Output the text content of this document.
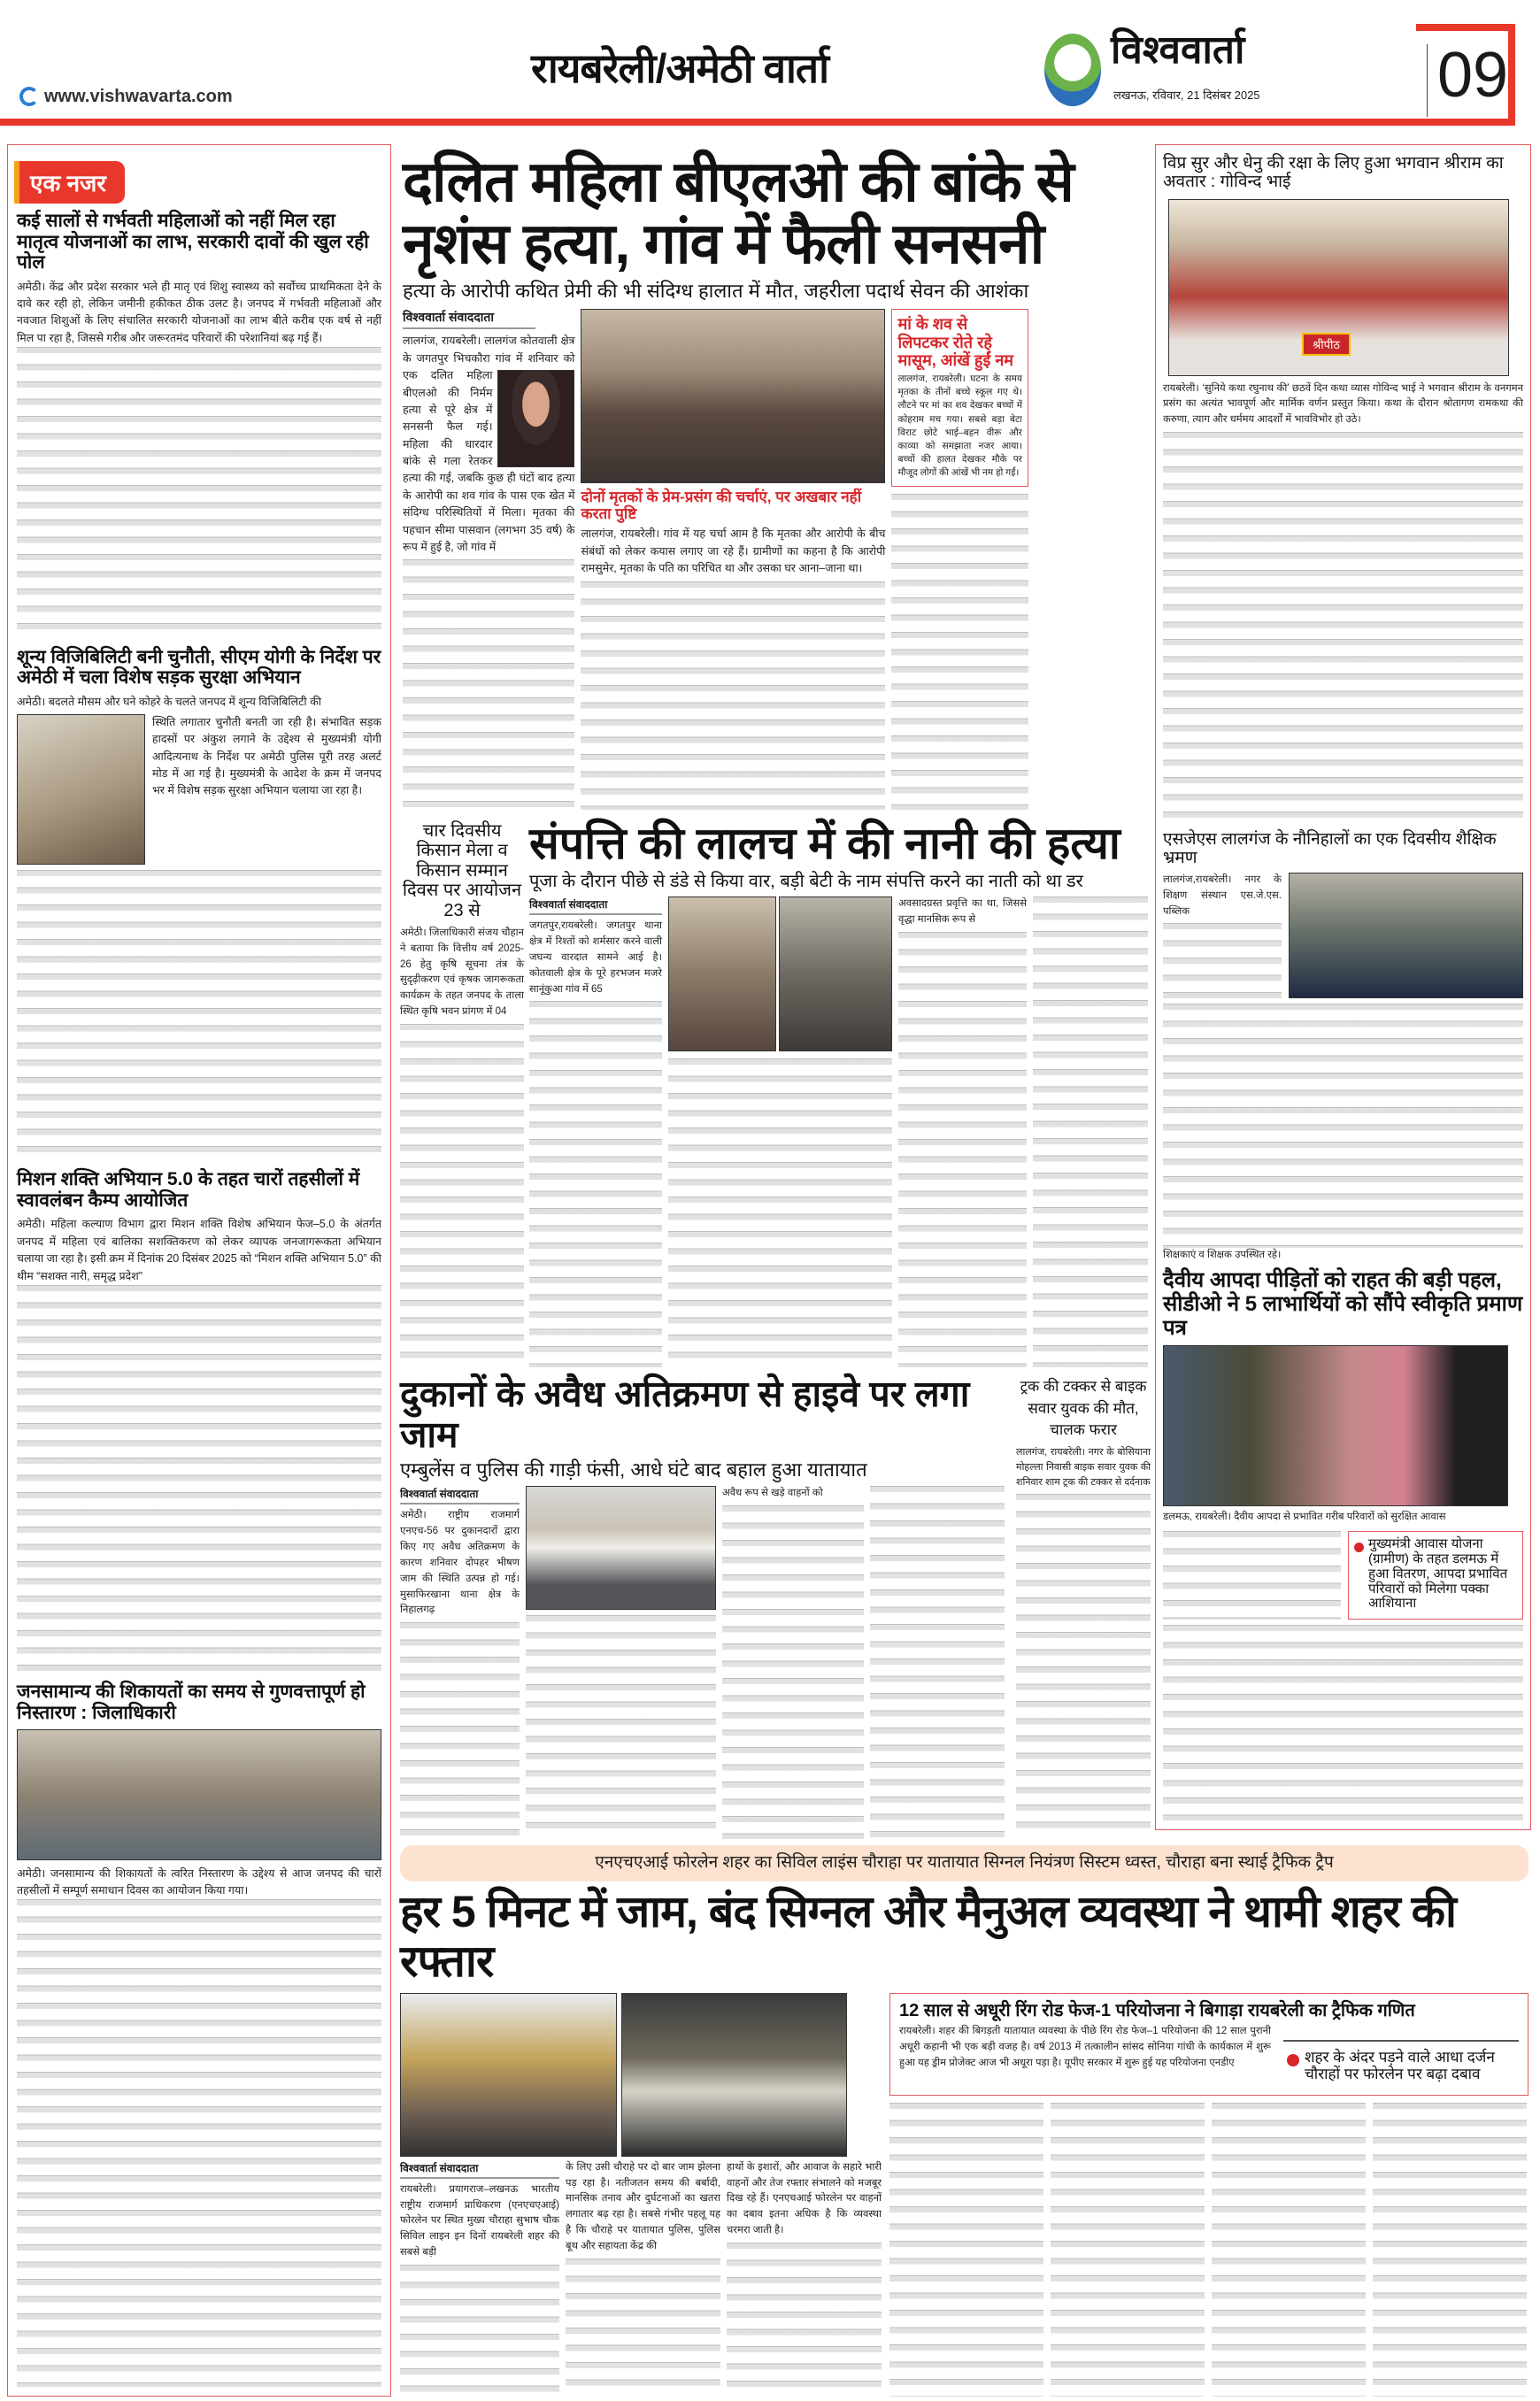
www.vishwavarta.com
रायबरेली/अमेठी वार्ता	विश्ववार्ता
लखनऊ, रविवार, 21 दिसंबर 2025	09
एक नजर
कई सालों से गर्भवती महिलाओं को नहीं मिल रहा मातृत्व योजनाओं का लाभ, सरकारी दावों की खुल रही पोल
अमेठी। केंद्र और प्रदेश सरकार भले ही मातृ एवं शिशु स्वास्थ्य को सर्वोच्च प्राथमिकता देने के दावे कर रही हो, लेकिन जमीनी हकीकत ठीक उलट है। जनपद में गर्भवती महिलाओं और नवजात शिशुओं के लिए संचालित सरकारी योजनाओं का लाभ बीते करीब एक वर्ष से नहीं मिल पा रहा है, जिससे गरीब और जरूरतमंद परिवारों की परेशानियां बढ़ गई हैं।
शून्य विजिबिलिटी बनी चुनौती, सीएम योगी के निर्देश पर अमेठी में चला विशेष सड़क सुरक्षा अभियान
अमेठी। बदलते मौसम और घने कोहरे के चलते जनपद में शून्य विजिबिलिटी की
स्थिति लगातार चुनौती बनती जा रही है। संभावित सड़क हादसों पर अंकुश लगाने के उद्देश्य से मुख्यमंत्री योगी आदित्यनाथ के निर्देश पर अमेठी पुलिस पूरी तरह अलर्ट मोड में आ गई है। मुख्यमंत्री के आदेश के क्रम में जनपद भर में विशेष सड़क सुरक्षा अभियान चलाया जा रहा है।
मिशन शक्ति अभियान 5.0 के तहत चारों तहसीलों में स्वावलंबन कैम्प आयोजित
अमेठी। महिला कल्याण विभाग द्वारा मिशन शक्ति विशेष अभियान फेज–5.0 के अंतर्गत जनपद में महिला एवं बालिका सशक्तिकरण को लेकर व्यापक जनजागरूकता अभियान चलाया जा रहा है। इसी क्रम में दिनांक 20 दिसंबर 2025 को “मिशन शक्ति अभियान 5.0” की थीम “सशक्त नारी, समृद्ध प्रदेश”
जनसामान्य की शिकायतों का समय से गुणवत्तापूर्ण हो निस्तारण : जिलाधिकारी
अमेठी। जनसामान्य की शिकायतों के त्वरित निस्तारण के उद्देश्य से आज जनपद की चारों तहसीलों में सम्पूर्ण समाधान दिवस का आयोजन किया गया।
दलित महिला बीएलओ की बांके से नृशंस हत्या, गांव में फैली सनसनी
हत्या के आरोपी कथित प्रेमी की भी संदिग्ध हालात में मौत, जहरीला पदार्थ सेवन की आशंका
विश्ववार्ता संवाददाता
लालगंज, रायबरेली। लालगंज कोतवाली क्षेत्र के जगतपुर भिचकौरा गांव में शनिवार को एक दलित महिला
बीएलओ की निर्मम हत्या से पूरे क्षेत्र में सनसनी फैल गई। महिला की धारदार बांके से गला रेतकर हत्या की गई, जबकि कुछ ही घंटों बाद हत्या के आरोपी का शव गांव के पास एक खेत में संदिग्ध परिस्थितियों में मिला। मृतका की पहचान सीमा पासवान (लगभग 35 वर्ष) के रूप में हुई है, जो गांव में
दोनों मृतकों के प्रेम-प्रसंग की चर्चाएं, पर अखबार नहीं करता पुष्टि
लालगंज, रायबरेली। गांव में यह चर्चा आम है कि मृतका और आरोपी के बीच संबंधों को लेकर कयास लगाए जा रहे हैं। ग्रामीणों का कहना है कि आरोपी रामसुमेर, मृतका के पति का परिचित था और उसका घर आना–जाना था।
मां के शव से लिपटकर रोते रहे मासूम, आंखें हुईं नम
लालगंज, रायबरेली। घटना के समय मृतका के तीनों बच्चे स्कूल गए थे। लौटने पर मां का शव देखकर बच्चों में कोहराम मच गया। सबसे बड़ा बेटा विराट छोटे भाई–बहन वीरू और काव्या को समझाता नजर आया। बच्चों की हालत देखकर मौके पर मौजूद लोगों की आंखें भी नम हो गईं।
चार दिवसीय किसान मेला व किसान सम्मान दिवस पर आयोजन 23 से
अमेठी। जिलाधिकारी संजय चौहान ने बताया कि वित्तीय वर्ष 2025-26 हेतु कृषि सूचना तंत्र के सुदृढ़ीकरण एवं कृषक जागरूकता कार्यक्रम के तहत जनपद के ताला स्थित कृषि भवन प्रांगण में 04
संपत्ति की लालच में की नानी की हत्या
पूजा के दौरान पीछे से डंडे से किया वार, बड़ी बेटी के नाम संपत्ति करने का नाती को था डर
विश्ववार्ता संवाददाता
जगतपुर,रायबरेली। जगतपुर थाना क्षेत्र में रिश्तों को शर्मसार करने वाली जघन्य वारदात सामने आई है। कोतवाली क्षेत्र के पूरे हरभजन मजरे सानूंकुआ गांव में 65
अवसादग्रस्त प्रवृत्ति का था, जिससे वृद्धा मानसिक रूप से
विप्र सुर और धेनु की रक्षा के लिए हुआ भगवान श्रीराम का अवतार : गोविन्द भाई
श्रीपीठ
रायबरेली। ‘सुनिये कथा रघुनाथ की’ छठवें दिन कथा व्यास गोविन्द भाई ने भगवान श्रीराम के वनगमन प्रसंग का अत्यंत भावपूर्ण और मार्मिक वर्णन प्रस्तुत किया। कथा के दौरान श्रोतागण रामकथा की करुणा, त्याग और धर्ममय आदर्शों में भावविभोर हो उठे।
एसजेएस लालगंज के नौनिहालों का एक दिवसीय शैक्षिक भ्रमण
लालगंज,रायबरेली। नगर के शिक्षण संस्थान एस.जे.एस. पब्लिक
शिक्षकाएं व शिक्षक उपस्थित रहे।
दैवीय आपदा पीड़ितों को राहत की बड़ी पहल, सीडीओ ने 5 लाभार्थियों को सौंपे स्वीकृति प्रमाण पत्र
डलमऊ, रायबरेली। दैवीय आपदा से प्रभावित गरीब परिवारों को सुरक्षित आवास
मुख्यमंत्री आवास योजना (ग्रामीण) के तहत डलमऊ में हुआ वितरण, आपदा प्रभावित परिवारों को मिलेगा पक्का आशियाना
दुकानों के अवैध अतिक्रमण से हाइवे पर लगा जाम
एम्बुलेंस व पुलिस की गाड़ी फंसी, आधे घंटे बाद बहाल हुआ यातायात
विश्ववार्ता संवाददाता
अमेठी। राष्ट्रीय राजमार्ग एनएच-56 पर दुकानदारों द्वारा किए गए अवैध अतिक्रमण के कारण शनिवार दोपहर भीषण जाम की स्थिति उत्पन्न हो गई। मुसाफिरखाना थाना क्षेत्र के निहालगढ़
अवैध रूप से खड़े वाहनों को
ट्रक की टक्कर से बाइक सवार युवक की मौत, चालक फरार
लालगंज, रायबरेली। नगर के बोसियाना मोहल्ला निवासी बाइक सवार युवक की शनिवार शाम ट्रक की टक्कर से दर्दनाक
एनएचएआई फोरलेन शहर का सिविल लाइंस चौराहा पर यातायात सिग्नल नियंत्रण सिस्टम ध्वस्त, चौराहा बना स्थाई ट्रैफिक ट्रैप
हर 5 मिनट में जाम, बंद सिग्नल और मैनुअल व्यवस्था ने थामी शहर की रफ्तार
विश्ववार्ता संवाददाता
रायबरेली। प्रयागराज–लखनऊ भारतीय राष्ट्रीय राजमार्ग प्राधिकरण (एनएचएआई) फोरलेन पर स्थित मुख्य चौराहा सुभाष चौक सिविल लाइन इन दिनों रायबरेली शहर की सबसे बड़ी
के लिए उसी चौराहे पर दो बार जाम झेलना पड़ रहा है। नतीजतन समय की बर्बादी, मानसिक तनाव और दुर्घटनाओं का खतरा लगातार बढ़ रहा है। सबसे गंभीर पहलू यह है कि चौराहे पर यातायात पुलिस, पुलिस बूथ और सहायता केंद्र की
हाथों के इशारों, और आवाज के सहारे भारी वाहनों और तेज रफ्तार संभालने को मजबूर दिख रहे हैं। एनएचआई फोरलेन पर वाहनों का दबाव इतना अधिक है कि व्यवस्था चरमरा जाती है।
12 साल से अधूरी रिंग रोड फेज-1 परियोजना ने बिगाड़ा रायबरेली का ट्रैफिक गणित
रायबरेली। शहर की बिगड़ती यातायात व्यवस्था के पीछे रिंग रोड फेज–1 परियोजना की 12 साल पुरानी अधूरी कहानी भी एक बड़ी वजह है। वर्ष 2013 में तत्कालीन सांसद सोनिया गांधी के कार्यकाल में शुरू हुआ यह ड्रीम प्रोजेक्ट आज भी अधूरा पड़ा है। यूपीए सरकार में शुरू हुई यह परियोजना एनडीए	शहर के अंदर पड़ने वाले आधा दर्जन चौराहों पर फोरलेन पर बढ़ा दबाव
